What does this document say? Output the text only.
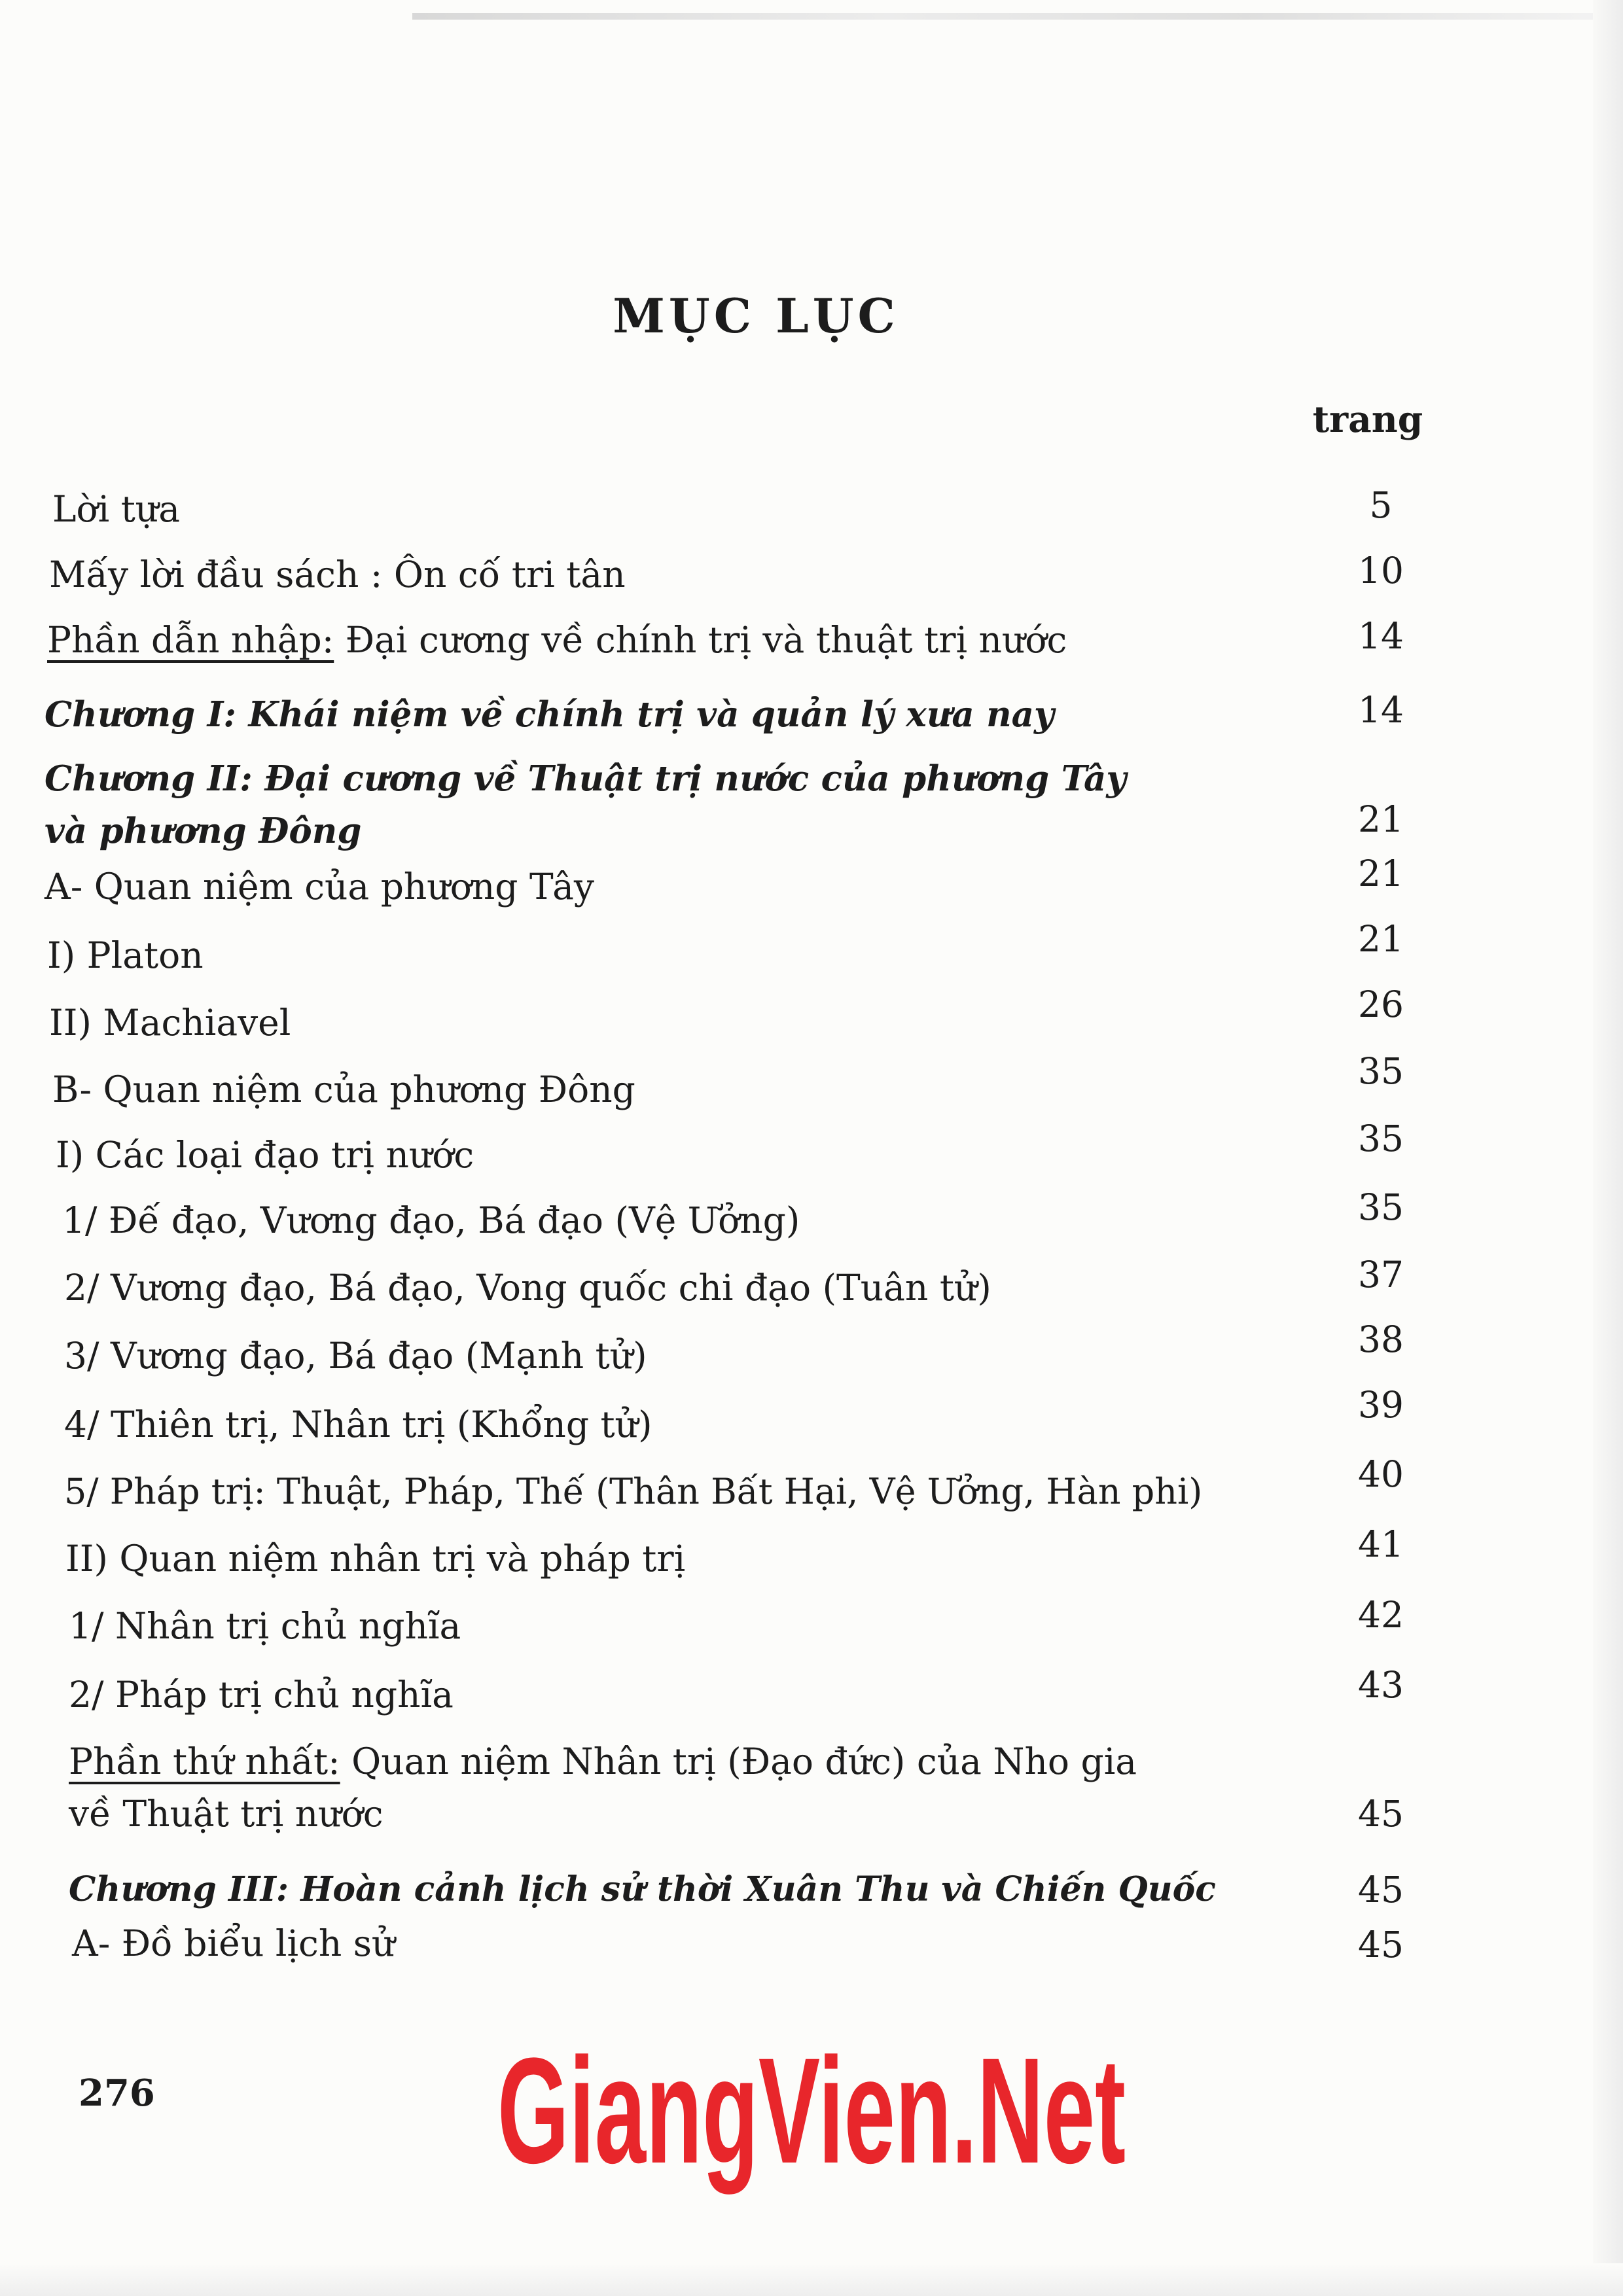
MỤC LỤC
trang
Lời tựa	5
Mấy lời đầu sách : Ôn cố tri tân	10
Phần dẫn nhập: Đại cương về chính trị và thuật trị nước	14
Chương I: Khái niệm về chính trị và quản lý xưa nay	14
Chương II: Đại cương về Thuật trị nước của phương Tây
và phương Đông	21
A- Quan niệm của phương Tây	21
I) Platon	21
II) Machiavel	26
B- Quan niệm của phương Đông	35
I) Các loại đạo trị nước	35
1/ Đế đạo, Vương đạo, Bá đạo (Vệ Ưởng)	35
2/ Vương đạo, Bá đạo, Vong quốc chi đạo (Tuân tử)	37
3/ Vương đạo, Bá đạo (Mạnh tử)	38
4/ Thiên trị, Nhân trị (Khổng tử)	39
5/ Pháp trị: Thuật, Pháp, Thế (Thân Bất Hại, Vệ Ưởng, Hàn phi)	40
II) Quan niệm nhân trị và pháp trị	41
1/ Nhân trị chủ nghĩa	42
2/ Pháp trị chủ nghĩa	43
Phần thứ nhất: Quan niệm Nhân trị (Đạo đức) của Nho gia
về Thuật trị nước	45
Chương III: Hoàn cảnh lịch sử thời Xuân Thu và Chiến Quốc	45
A- Đồ biểu lịch sử	45
276 GiangVien.Net
